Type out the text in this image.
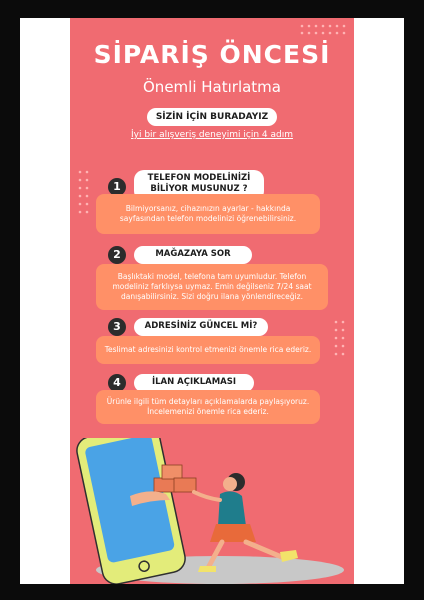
SİPARİŞ ÖNCESİ
Önemli Hatırlatma
SİZİN İÇİN BURADAYIZ
İyi bir alışveriş deneyimi için 4 adım
1
TELEFON MODELİNİZİ BİLİYOR MUSUNUZ ?
Bilmiyorsanız, cihazınızın ayarlar - hakkında sayfasından telefon modelinizi öğrenebilirsiniz.
2	MAĞAZAYA SOR
Başlıktaki model, telefona tam uyumludur. Telefon modeliniz farklıysa uymaz. Emin değilseniz 7/24 saat danışabilirsiniz. Sizi doğru ilana yönlendireceğiz.
3	ADRESİNİZ GÜNCEL Mİ?
Teslimat adresinizi kontrol etmenizi önemle rica ederiz.
4	İLAN AÇIKLAMASI
Ürünle ilgili tüm detayları açıklamalarda paylaşıyoruz. İncelemenizi önemle rica ederiz.
